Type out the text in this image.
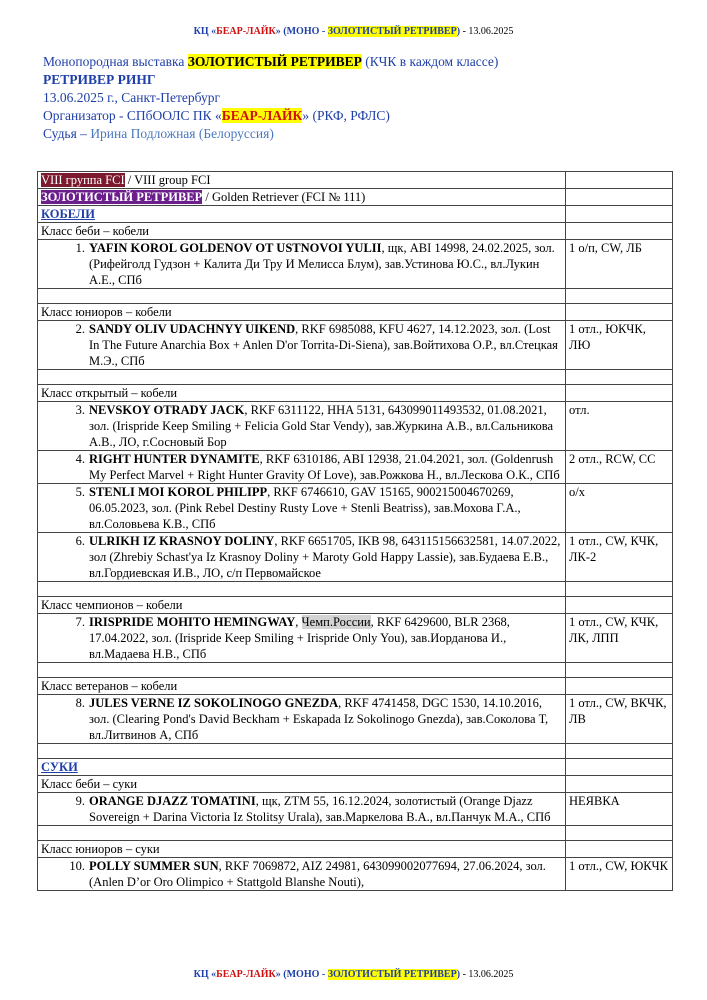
КЦ «БЕАР-ЛАЙК» (МОНО - ЗОЛОТИСТЫЙ РЕТРИВЕР) - 13.06.2025
Монопородная выставка ЗОЛОТИСТЫЙ РЕТРИВЕР (КЧК в каждом классе)
РЕТРИВЕР РИНГ
13.06.2025 г., Санкт-Петербург
Организатор - СПбООЛС ПК «БЕАР-ЛАЙК» (РКФ, РФЛС)
Судья – Ирина Подложная (Белоруссия)
VIII группа FCI / VIII group FCI	
ЗОЛОТИСТЫЙ РЕТРИВЕР / Golden Retriever (FCI № 111)	
КОБЕЛИ	
Класс беби – кобели	

1. YAFIN KOROL GOLDENOV OT USTNOVOI YULII, щк, ABI 14998, 24.02.2025, зол. (Рифейголд Гудзон + Калита Ди Тру И Мелисса Блум), зав.Устинова Ю.С., вл.Лукин А.Е., СПб	1 о/п, CW, ЛБ

Класс юниоров – кобели	

2. SANDY OLIV UDACHNYY UIKEND, RKF 6985088, KFU 4627, 14.12.2023, зол. (Lost In The Future Anarchia Box + Anlen D'or Torrita-Di-Siena), зав.Войтихова О.Р., вл.Стецкая М.Э., СПб	1 отл., ЮКЧК, ЛЮ

Класс открытый – кобели	

3. NEVSKOY OTRADY JACK, RKF 6311122, HHA 5131, 643099011493532, 01.08.2021, зол. (Irispride Keep Smiling + Felicia Gold Star Vendy), зав.Журкина А.В., вл.Сальникова А.В., ЛО, г.Сосновый Бор	отл.

4. RIGHT HUNTER DYNAMITE, RKF 6310186, ABI 12938, 21.04.2021, зол. (Goldenrush My Perfect Marvel + Right Hunter Gravity Of Love), зав.Рожкова Н., вл.Лескова О.К., СПб	2 отл., RCW, CC

5. STENLI MOI KOROL PHILIPP, RKF 6746610, GAV 15165, 900215004670269, 06.05.2023, зол. (Pink Rebel Destiny Rusty Love + Stenli Beatriss), зав.Мохова Г.А., вл.Соловьева К.В., СПб	о/х

6. ULRIKH IZ KRASNOY DOLINY, RKF 6651705, IKB 98, 643115156632581, 14.07.2022, зол (Zhrebiy Schast'ya Iz Krasnoy Doliny + Maroty Gold Happy Lassie), зав.Будаева Е.В., вл.Гордиевская И.В., ЛО, с/п Первомайское	1 отл., CW, КЧК, ЛК-2

Класс чемпионов – кобели	

7. IRISPRIDE MOHITO HEMINGWAY, Чемп.России, RKF 6429600, BLR 2368, 17.04.2022, зол. (Irispride Keep Smiling + Irispride Only You), зав.Иорданова И., вл.Мадаева Н.В., СПб	1 отл., CW, КЧК, ЛК, ЛПП

Класс ветеранов – кобели	

8. JULES VERNE IZ SOKOLINOGO GNEZDA, RKF 4741458, DGC 1530, 14.10.2016, зол. (Clearing Pond's David Beckham + Eskapada Iz Sokolinogo Gnezda), зав.Соколова Т, вл.Литвинов А, СПб	1 отл., CW, ВКЧК, ЛВ

СУКИ	
Класс беби – суки	

9. ORANGE DJAZZ TOMATINI, щк, ZTM 55, 16.12.2024, золотистый (Orange Djazz Sovereign + Darina Victoria Iz Stolitsy Urala), зав.Маркелова В.А., вл.Панчук М.А., СПб	НЕЯВКА

Класс юниоров – суки	

10. POLLY SUMMER SUN, RKF 7069872, AIZ 24981, 643099002077694, 27.06.2024, зол. (Anlen D’or Oro Olimpico + Stattgold Blanshe Nouti),	1 отл., CW, ЮКЧК
КЦ «БЕАР-ЛАЙК» (МОНО - ЗОЛОТИСТЫЙ РЕТРИВЕР) - 13.06.2025
